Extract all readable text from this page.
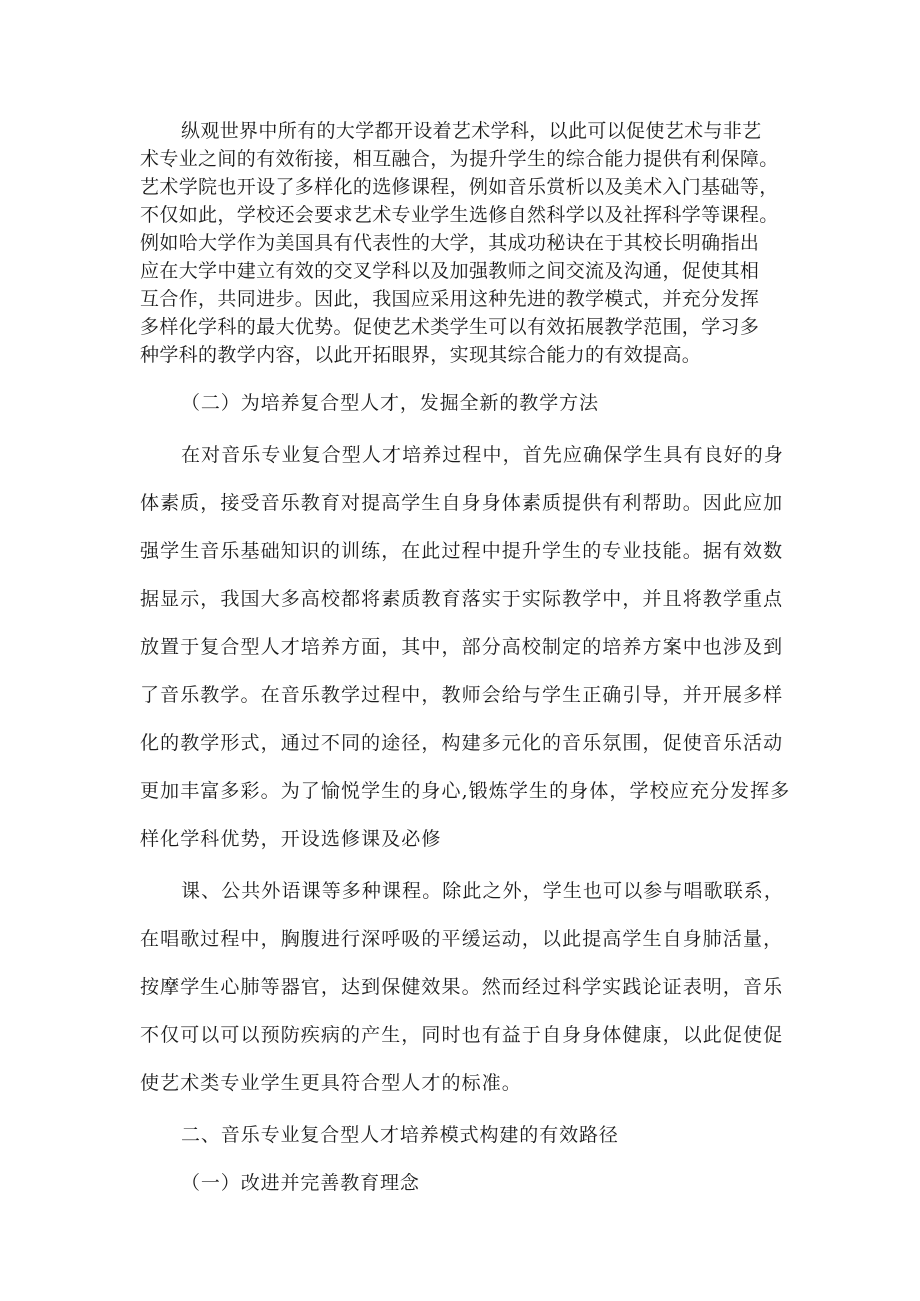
纵观世界中所有的大学都开设着艺术学科，以此可以促使艺术与非艺

术专业之间的有效衔接，相互融合，为提升学生的综合能力提供有利保障。

艺术学院也开设了多样化的选修课程，例如音乐赏析以及美术入门基础等，

不仅如此，学校还会要求艺术专业学生选修自然科学以及社挥科学等课程。

例如哈大学作为美国具有代表性的大学，其成功秘诀在于其校长明确指出

应在大学中建立有效的交叉学科以及加强教师之间交流及沟通，促使其相

互合作，共同进步。因此，我国应采用这种先进的教学模式，并充分发挥

多样化学科的最大优势。促使艺术类学生可以有效拓展教学范围，学习多

种学科的教学内容，以此开拓眼界，实现其综合能力的有效提高。

（二）为培养复合型人才，发掘全新的教学方法

在对音乐专业复合型人才培养过程中，首先应确保学生具有良好的身

体素质，接受音乐教育对提高学生自身身体素质提供有利帮助。因此应加

强学生音乐基础知识的训练，在此过程中提升学生的专业技能。据有效数

据显示，我国大多高校都将素质教育落实于实际教学中，并且将教学重点

放置于复合型人才培养方面，其中，部分高校制定的培养方案中也涉及到

了音乐教学。在音乐教学过程中，教师会给与学生正确引导，并开展多样

化的教学形式，通过不同的途径，构建多元化的音乐氛围，促使音乐活动

更加丰富多彩。为了愉悦学生的身心,锻炼学生的身体，学校应充分发挥多

样化学科优势，开设选修课及必修

课、公共外语课等多种课程。除此之外，学生也可以参与唱歌联系，

在唱歌过程中，胸腹进行深呼吸的平缓运动，以此提高学生自身肺活量，

按摩学生心肺等器官，达到保健效果。然而经过科学实践论证表明，音乐

不仅可以可以预防疾病的产生，同时也有益于自身身体健康，以此促使促

使艺术类专业学生更具符合型人才的标准。

二、音乐专业复合型人才培养模式构建的有效路径

（一）改进并完善教育理念
